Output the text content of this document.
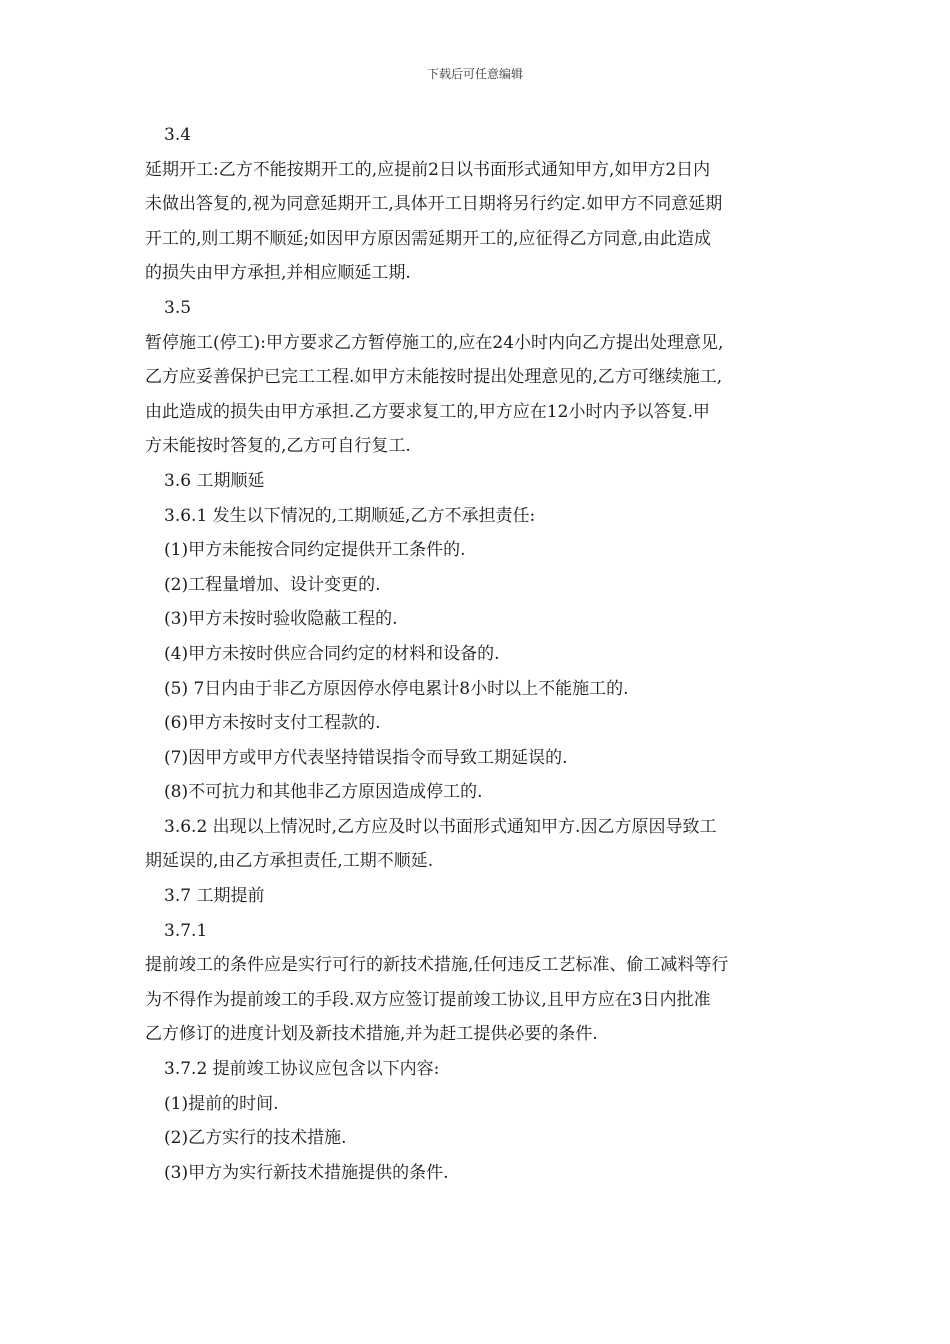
下载后可任意编辑
3.4
延期开工:乙方不能按期开工的,应提前2日以书面形式通知甲方,如甲方2日内
未做出答复的,视为同意延期开工,具体开工日期将另行约定.如甲方不同意延期
开工的,则工期不顺延;如因甲方原因需延期开工的,应征得乙方同意,由此造成
的损失由甲方承担,并相应顺延工期.
3.5
暂停施工(停工):甲方要求乙方暂停施工的,应在24小时内向乙方提出处理意见,
乙方应妥善保护已完工工程.如甲方未能按时提出处理意见的,乙方可继续施工,
由此造成的损失由甲方承担.乙方要求复工的,甲方应在12小时内予以答复.甲
方未能按时答复的,乙方可自行复工.
3.6 工期顺延
3.6.1 发生以下情况的,工期顺延,乙方不承担责任:
(1)甲方未能按合同约定提供开工条件的.
(2)工程量增加、设计变更的.
(3)甲方未按时验收隐蔽工程的.
(4)甲方未按时供应合同约定的材料和设备的.
(5) 7日内由于非乙方原因停水停电累计8小时以上不能施工的.
(6)甲方未按时支付工程款的.
(7)因甲方或甲方代表坚持错误指令而导致工期延误的.
(8)不可抗力和其他非乙方原因造成停工的.
3.6.2 出现以上情况时,乙方应及时以书面形式通知甲方.因乙方原因导致工
期延误的,由乙方承担责任,工期不顺延.
3.7 工期提前
3.7.1
提前竣工的条件应是实行可行的新技术措施,任何违反工艺标准、偷工减料等行
为不得作为提前竣工的手段.双方应签订提前竣工协议,且甲方应在3日内批准
乙方修订的进度计划及新技术措施,并为赶工提供必要的条件.
3.7.2 提前竣工协议应包含以下内容:
(1)提前的时间.
(2)乙方实行的技术措施.
(3)甲方为实行新技术措施提供的条件.
